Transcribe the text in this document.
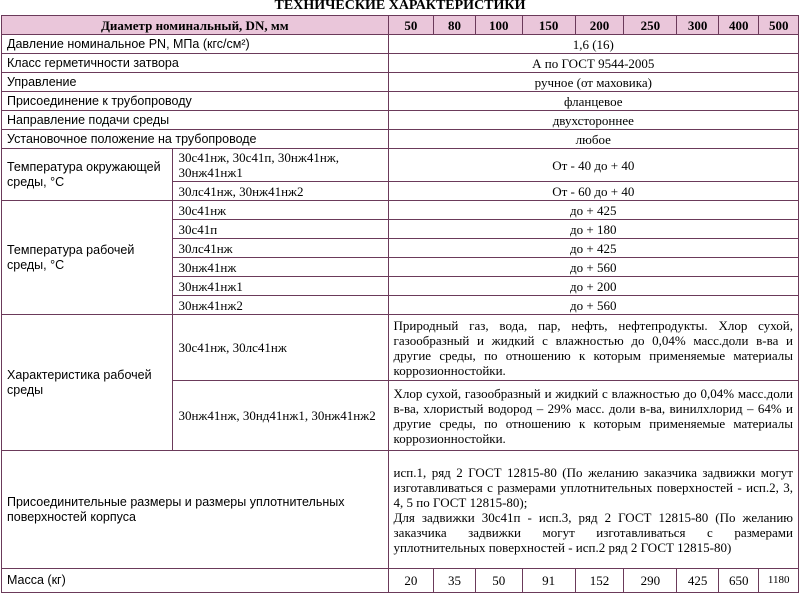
ТЕХНИЧЕСКИЕ ХАРАКТЕРИСТИКИ
Диаметр номинальный, DN, мм		50	80	100	150	200	250	300	400	500
Давление номинальное PN, МПа (кгс/см²)		1,6 (16)								
Класс герметичности затвора		А по ГОСТ 9544-2005								
Управление		ручное (от маховика)								
Присоединение к трубопроводу		фланцевое								
Направление подачи среды		двухстороннее								
Установочное положение на трубопроводе		любое								
Температура окружающей среды, °С	30с41нж, 30с41п, 30нж41нж, 30нж41нж1	От - 40 до + 40								
	30лс41нж, 30нж41нж2	От - 60 до + 40								
Температура рабочей среды, °С	30с41нж	до + 425								
	30с41п	до + 180								
	30лс41нж	до + 425								
	30нж41нж	до + 560								
	30нж41нж1	до + 200								
	30нж41нж2	до + 560								
Характеристика рабочей среды	30с41нж, 30лс41нж	Природный газ, вода, пар, нефть, нефтепродукты. Хлор сухой, газообразный и жидкий с влажностью до 0,04% масс.доли в-ва и другие среды, по отношению к которым применяемые материалы коррозионностойки.								
	30нж41нж, 30нд41нж1, 30нж41нж2	Хлор сухой, газообразный и жидкий с влажностью до 0,04% масс.доли в-ва, хлористый водород – 29% масс. доли в-ва, винилхлорид – 64% и другие среды, по отношению к которым применяемые материалы коррозионностойки.								
Присоединительные размеры и размеры уплотнительных поверхностей корпуса		исп.1, ряд 2 ГОСТ 12815-80 (По желанию заказчика задвижки могут изготавливаться с размерами уплотнительных поверхностей - исп.2, 3, 4, 5 по ГОСТ 12815-80);
Для задвижки 30с41п - исп.3, ряд 2 ГОСТ 12815-80 (По желанию заказчика задвижки могут изготавливаться с размерами уплотнительных поверхностей - исп.2 ряд 2 ГОСТ 12815-80)								

Масса (кг)		20	35	50	91	152	290	425	650	1180
